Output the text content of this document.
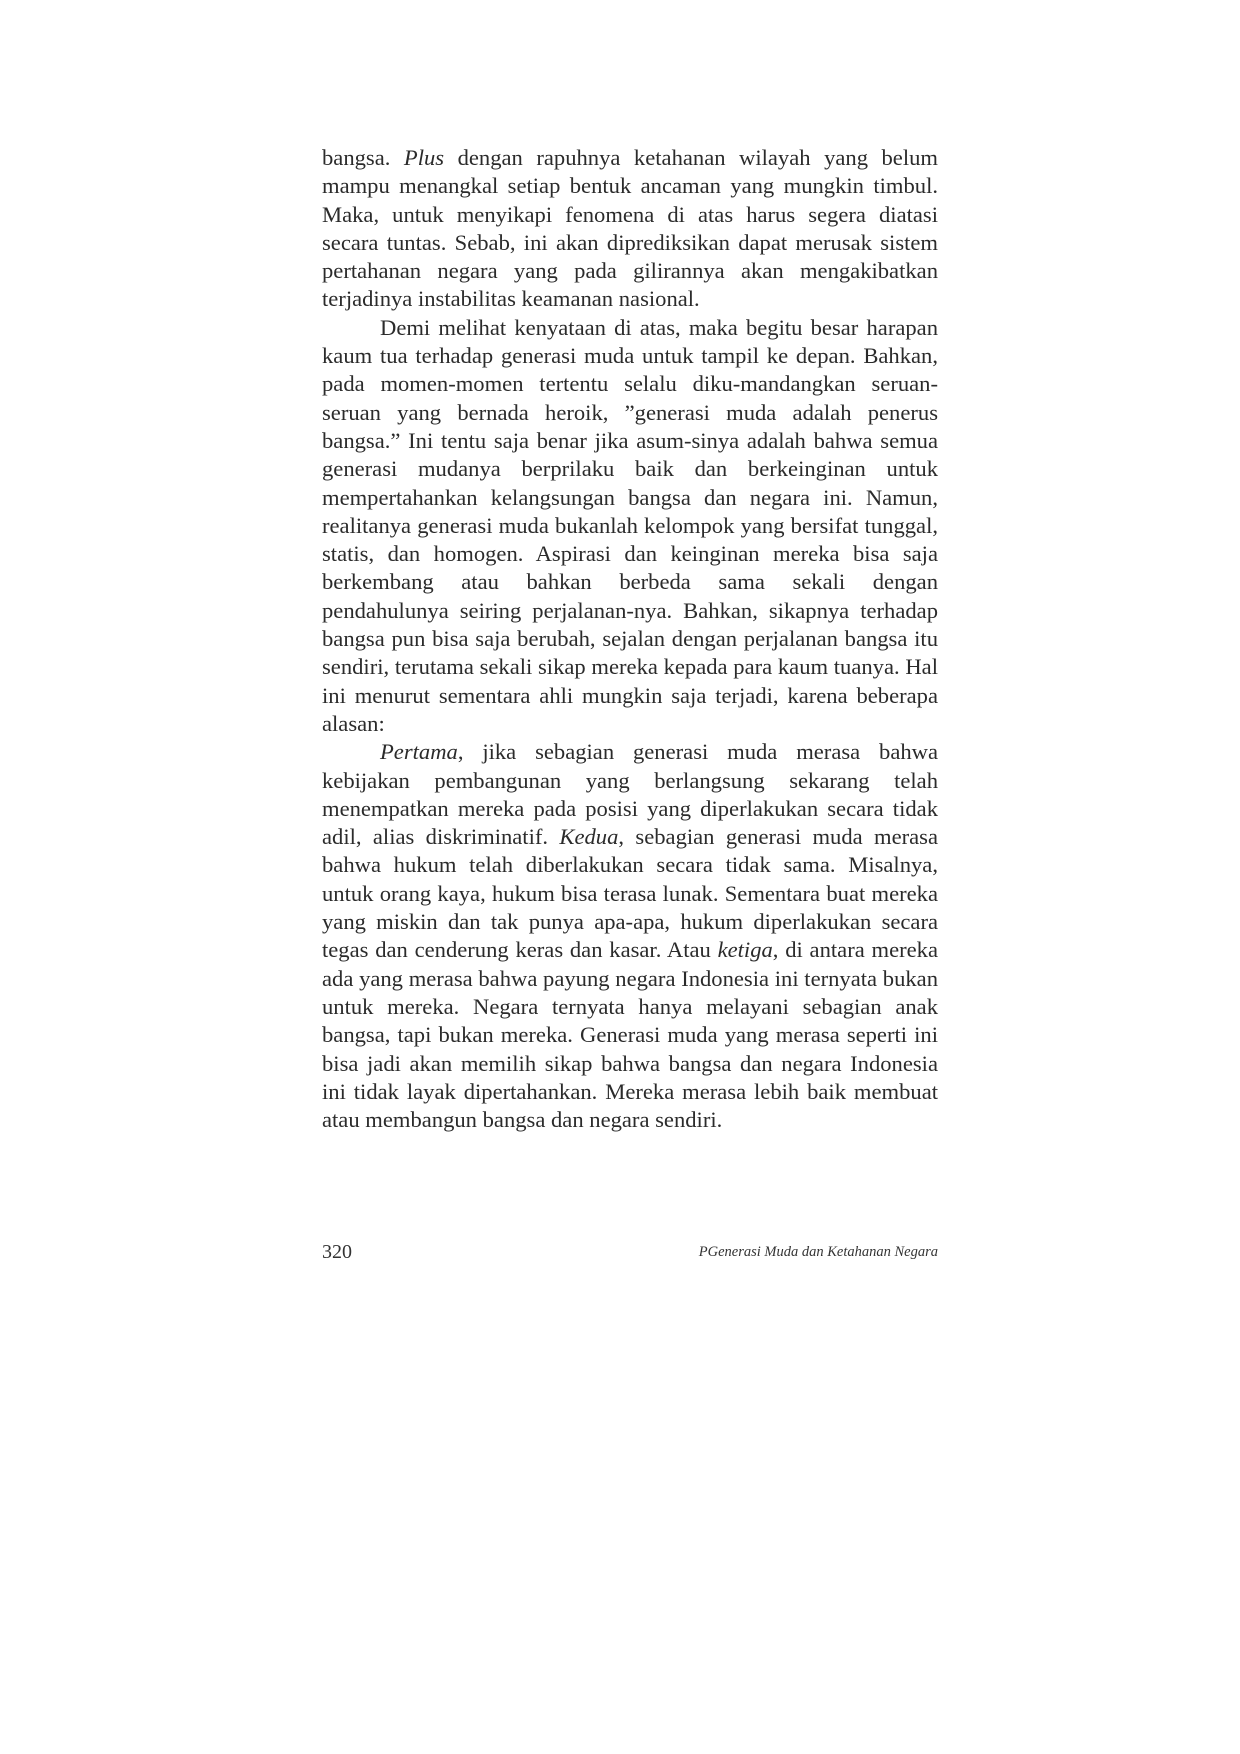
bangsa. Plus dengan rapuhnya ketahanan wilayah yang belum mampu menangkal setiap bentuk ancaman yang mungkin timbul. Maka, untuk menyikapi fenomena di atas harus segera diatasi secara tuntas. Sebab, ini akan diprediksikan dapat merusak sistem pertahanan negara yang pada gilirannya akan mengakibatkan terjadinya instabilitas keamanan nasional.

Demi melihat kenyataan di atas, maka begitu besar harapan kaum tua terhadap generasi muda untuk tampil ke depan. Bahkan, pada momen-momen tertentu selalu diku-mandangkan seruan-seruan yang bernada heroik, ”generasi muda adalah penerus bangsa.” Ini tentu saja benar jika asum-sinya adalah bahwa semua generasi mudanya berprilaku baik dan berkeinginan untuk mempertahankan kelangsungan bangsa dan negara ini. Namun, realitanya generasi muda bukanlah kelompok yang bersifat tunggal, statis, dan homogen. Aspirasi dan keinginan mereka bisa saja berkembang atau bahkan berbeda sama sekali dengan pendahulunya seiring perjalanan-nya. Bahkan, sikapnya terhadap bangsa pun bisa saja berubah, sejalan dengan perjalanan bangsa itu sendiri, terutama sekali sikap mereka kepada para kaum tuanya. Hal ini menurut sementara ahli mungkin saja terjadi, karena beberapa alasan:

Pertama, jika sebagian generasi muda merasa bahwa kebijakan pembangunan yang berlangsung sekarang telah menempatkan mereka pada posisi yang diperlakukan secara tidak adil, alias diskriminatif. Kedua, sebagian generasi muda merasa bahwa hukum telah diberlakukan secara tidak sama. Misalnya, untuk orang kaya, hukum bisa terasa lunak. Sementara buat mereka yang miskin dan tak punya apa-apa, hukum diperlakukan secara tegas dan cenderung keras dan kasar. Atau ketiga, di antara mereka ada yang merasa bahwa payung negara Indonesia ini ternyata bukan untuk mereka. Negara ternyata hanya melayani sebagian anak bangsa, tapi bukan mereka. Generasi muda yang merasa seperti ini bisa jadi akan memilih sikap bahwa bangsa dan negara Indonesia ini tidak layak dipertahankan. Mereka merasa lebih baik membuat atau membangun bangsa dan negara sendiri.

320	PGenerasi Muda dan Ketahanan Negara
